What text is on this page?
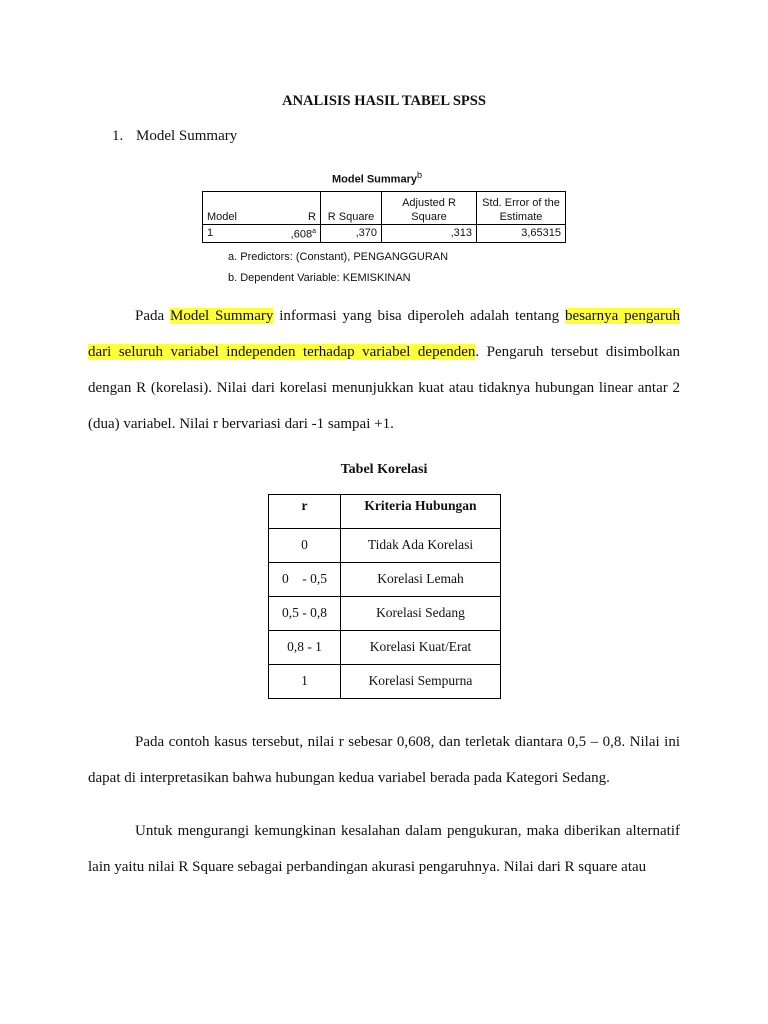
ANALISIS HASIL TABEL SPSS
1. Model Summary
Model Summary$^b$
Model	R	R Square	Adjusted R Square	Std. Error of the Estimate
1	,608$^a$	,370	,313	3,65315
a. Predictors: (Constant), PENGANGGURAN
b. Dependent Variable: KEMISKINAN
Pada Model Summary informasi yang bisa diperoleh adalah tentang besarnya pengaruh dari seluruh variabel independen terhadap variabel dependen. Pengaruh tersebut disimbolkan dengan R (korelasi). Nilai dari korelasi menunjukkan kuat atau tidaknya hubungan linear antar 2 (dua) variabel. Nilai r bervariasi dari -1 sampai +1.
Tabel Korelasi
r	Kriteria Hubungan
0	Tidak Ada Korelasi
0    - 0,5	Korelasi Lemah
0,5 - 0,8	Korelasi Sedang
0,8 - 1	Korelasi Kuat/Erat
1	Korelasi Sempurna
Pada contoh kasus tersebut, nilai r sebesar 0,608, dan terletak diantara 0,5 – 0,8. Nilai ini dapat di interpretasikan bahwa hubungan kedua variabel berada pada Kategori Sedang.
Untuk mengurangi kemungkinan kesalahan dalam pengukuran, maka diberikan alternatif lain yaitu nilai R Square sebagai perbandingan akurasi pengaruhnya. Nilai dari R square atau
